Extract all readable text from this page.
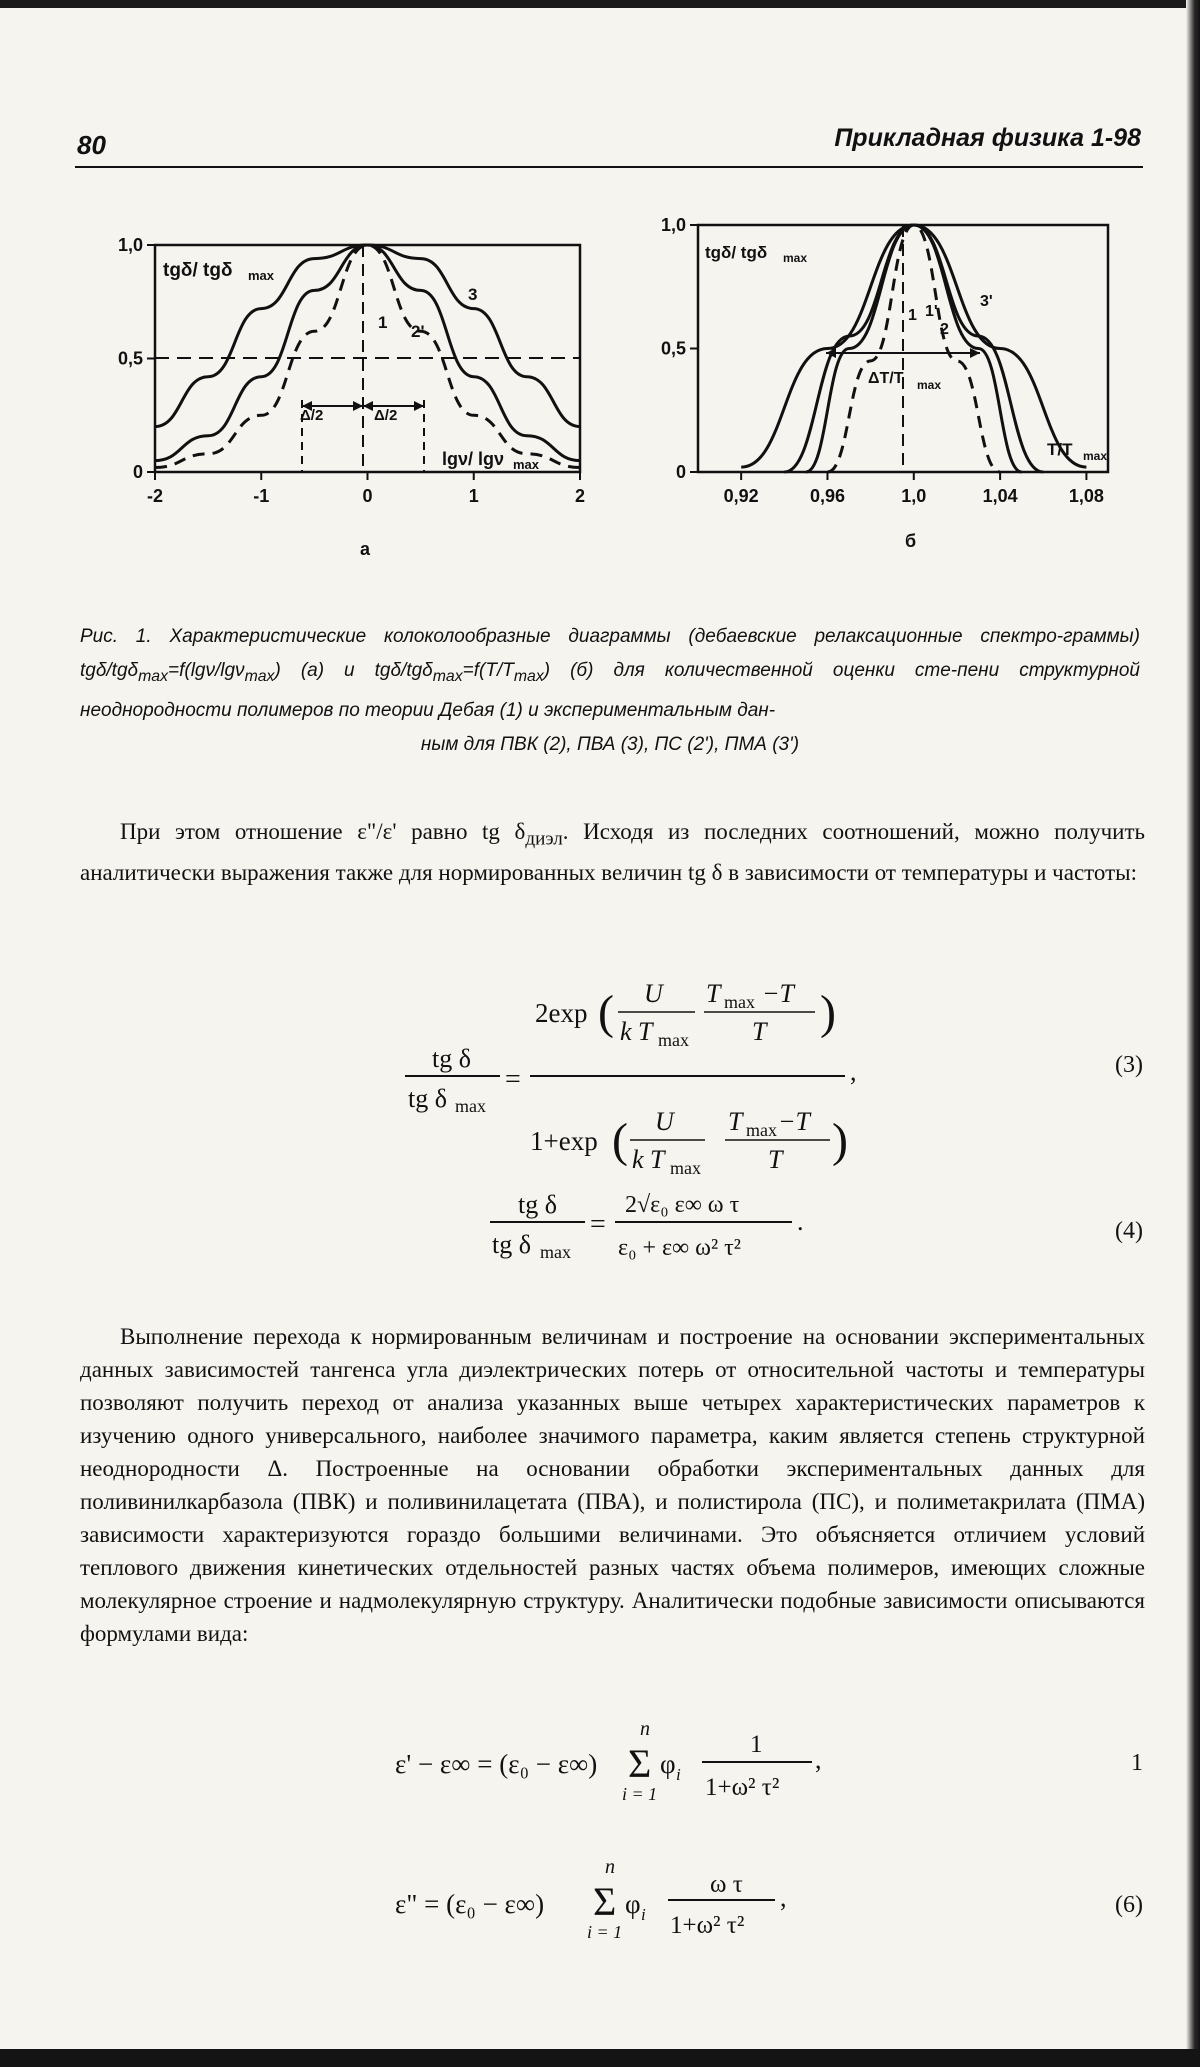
80	Прикладная физика 1-98
1,0
0,5
0
-2	-1	0	1	2
tgδ/ tgδ max
lgν/ lgν max
Δ/2	Δ/2
1 2'
3
а
1,0
0,5
0
0,92	0,96	1,0	1,04	1,08
tgδ/ tgδ max
T/T max
ΔT/T max
1 1'
2
3'
б
Рис. 1. Характеристические колоколообразные диаграммы (дебаевские релаксационные спектро-граммы) tgδ/tgδ$_{max}$=f(lgν/lgν$_{max}$) (а) и tgδ/$tg\delta_{max}=f(T/T_{max})$ (б) для количественной оценки сте-пени структурной неоднородности полимеров по теории Дебая (1) и экспериментальным дан-
ным для ПВК (2), ПВА (3), ПС (2'), ПМА (3')
При этом отношение ε"/ε' равно tg $\delta_{диэл}$. Исходя из последних соотношений, можно получить аналитически выражения также для нормированных величин tg δ в зависимости от температуры и частоты:
tg δ
tg δ max
=
2exp ( U
k T max
T max −T
T )
1+exp ( U
k T max
T max −T
T )
,
tg δ
tg δ max
=
2√ε₀ ε∞ ω τ
ε₀ + ε∞ ω² τ²
.
ε' − ε∞ = (ε₀ − ε∞)
n
Σ
i = 1
φ i
1
1+ω² τ²
,
ε" = (ε₀ − ε∞)
n
Σ
i = 1
φ i
ω τ
1+ω² τ²
,
(3)
(4)
1
(6)
Выполнение перехода к нормированным величинам и построение на основании экспериментальных данных зависимостей тангенса угла диэлектрических потерь от относительной частоты и температуры позволяют получить переход от анализа указанных выше четырех характеристических параметров к изучению одного универсального, наиболее значимого параметра, каким является степень структурной неоднородности Δ. Построенные на основании обработки экспериментальных данных для поливинилкарбазола (ПВК) и поливинилацетата (ПВА), и полистирола (ПС), и полиметакрилата (ПМА) зависимости характеризуются гораздо большими величинами. Это объясняется отличием условий теплового движения кинетических отдельностей разных частях объема полимеров, имеющих сложные молекулярное строение и надмолекулярную структуру. Аналитически подобные зависимости описываются формулами вида:
